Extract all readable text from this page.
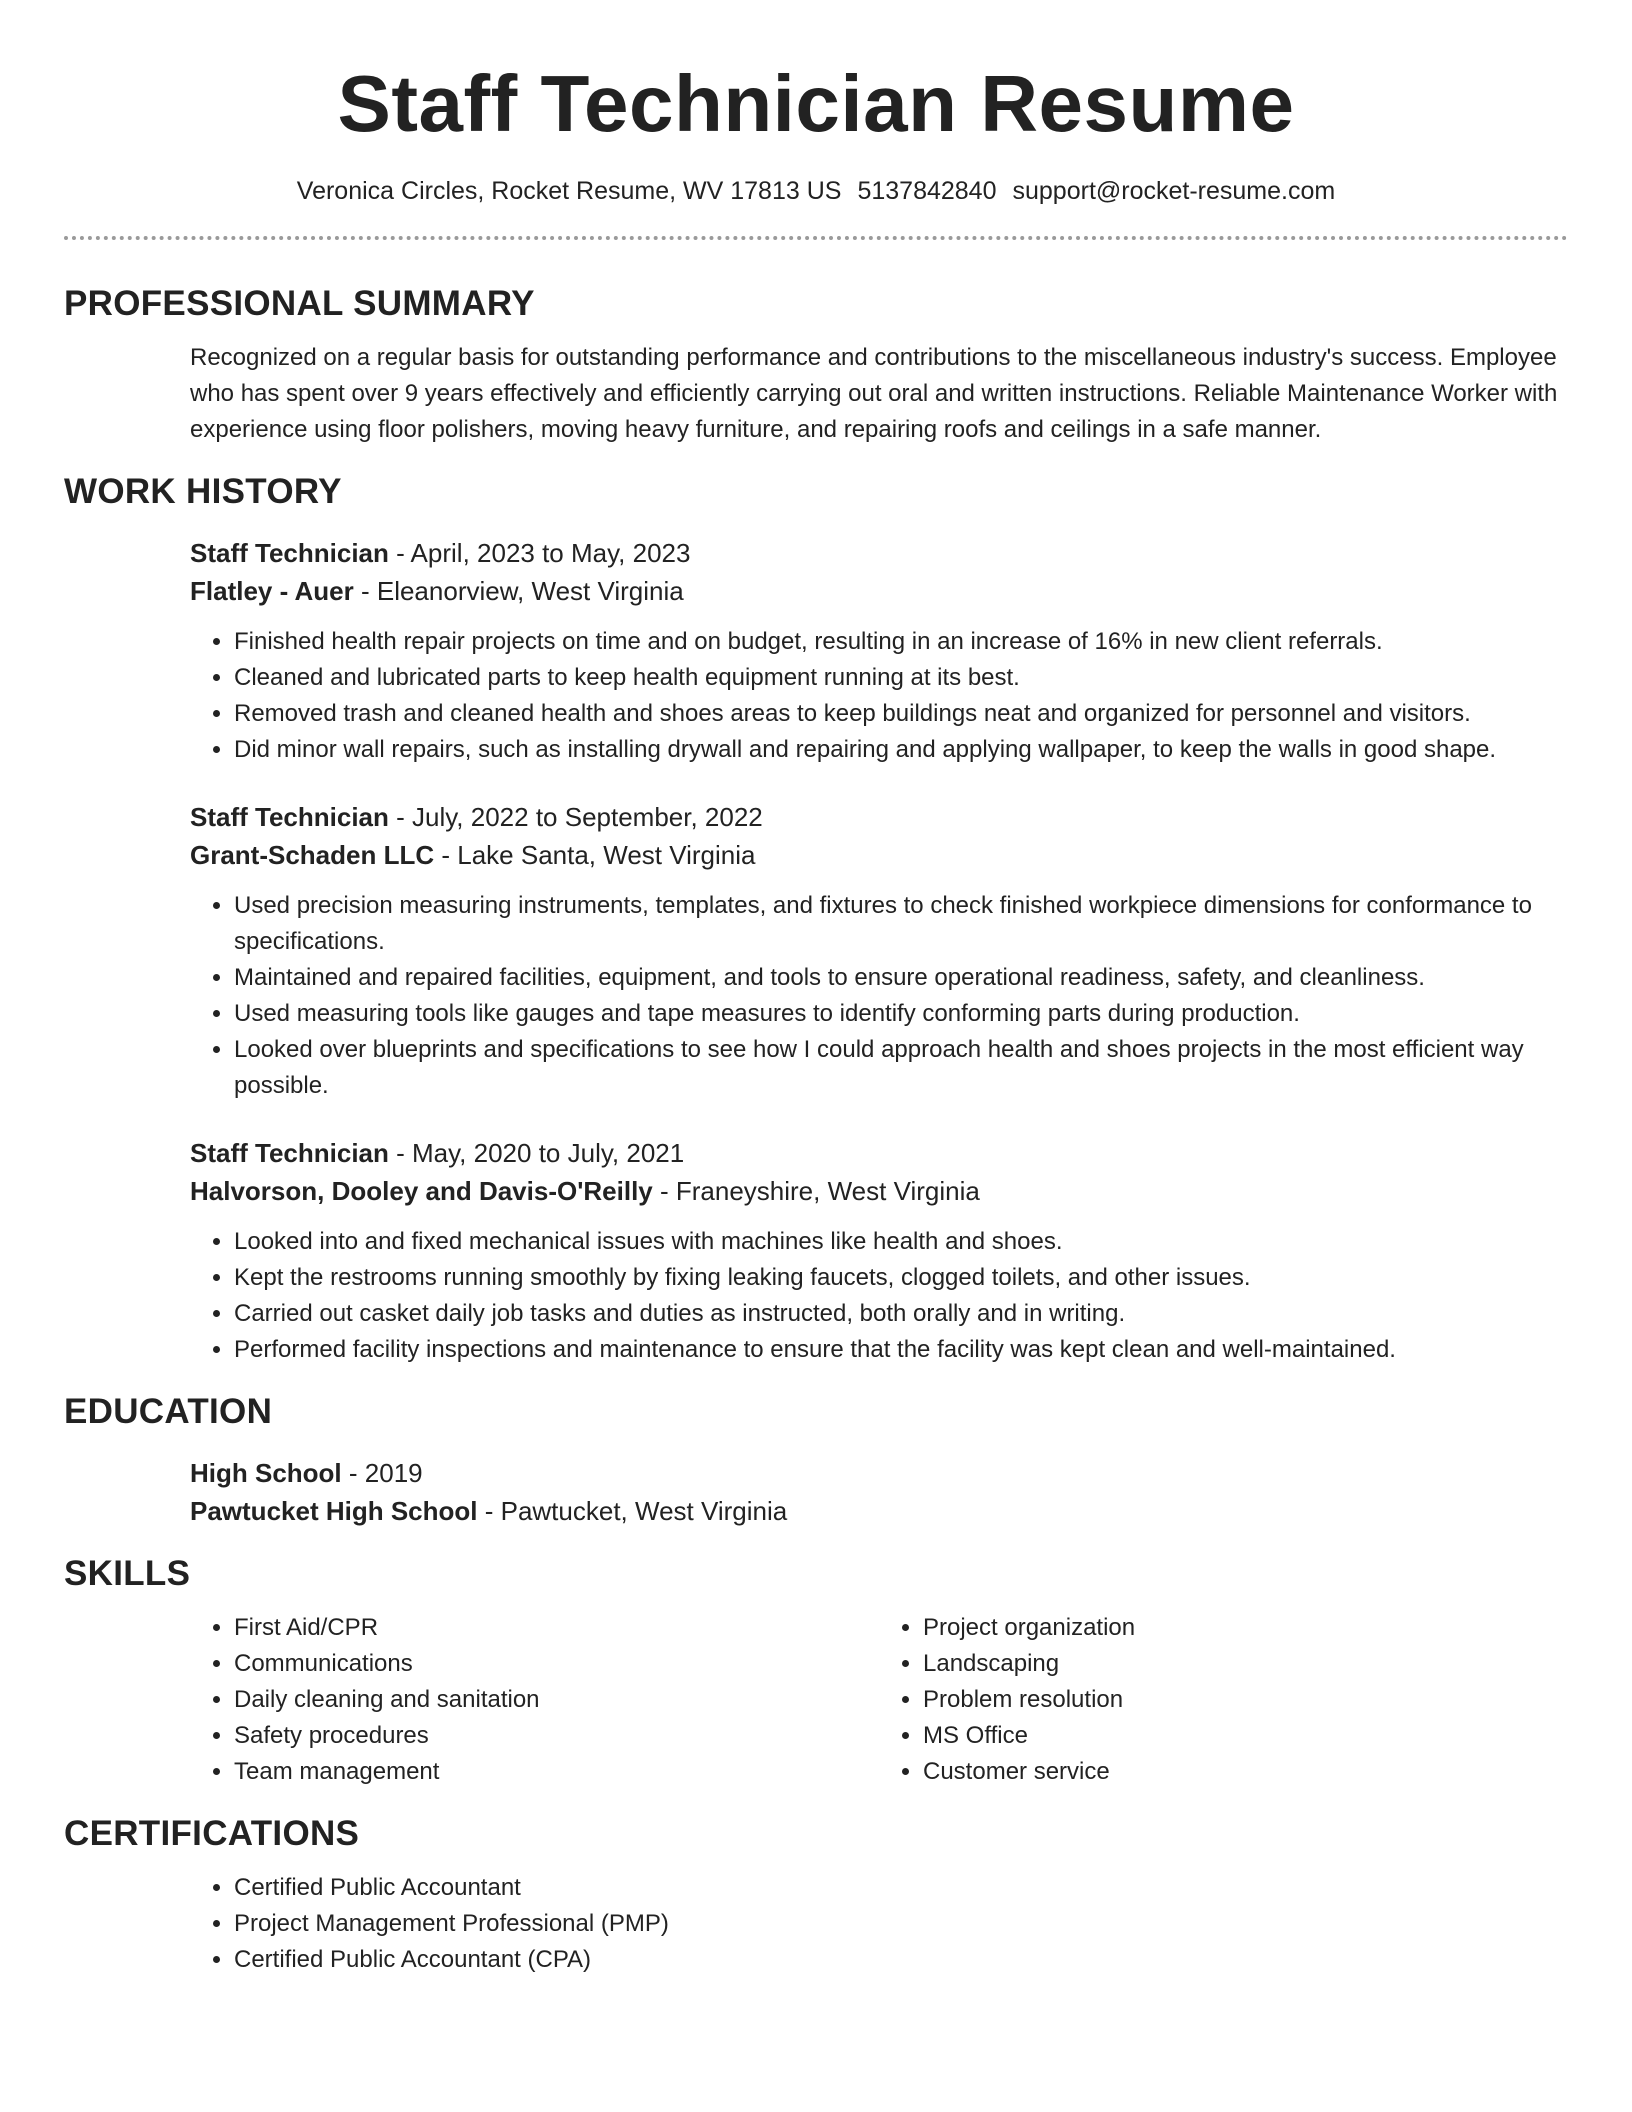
Staff Technician Resume
Veronica Circles, Rocket Resume, WV 17813 US 5137842840 support@rocket-resume.com
PROFESSIONAL SUMMARY
Recognized on a regular basis for outstanding performance and contributions to the miscellaneous industry's success. Employee who has spent over 9 years effectively and efficiently carrying out oral and written instructions. Reliable Maintenance Worker with experience using floor polishers, moving heavy furniture, and repairing roofs and ceilings in a safe manner.
WORK HISTORY
Staff Technician - April, 2023 to May, 2023
Flatley - Auer - Eleanorview, West Virginia
• Finished health repair projects on time and on budget, resulting in an increase of 16% in new client referrals.
• Cleaned and lubricated parts to keep health equipment running at its best.
• Removed trash and cleaned health and shoes areas to keep buildings neat and organized for personnel and visitors.
• Did minor wall repairs, such as installing drywall and repairing and applying wallpaper, to keep the walls in good shape.
Staff Technician - July, 2022 to September, 2022
Grant-Schaden LLC - Lake Santa, West Virginia
• Used precision measuring instruments, templates, and fixtures to check finished workpiece dimensions for conformance to specifications.
• Maintained and repaired facilities, equipment, and tools to ensure operational readiness, safety, and cleanliness.
• Used measuring tools like gauges and tape measures to identify conforming parts during production.
• Looked over blueprints and specifications to see how I could approach health and shoes projects in the most efficient way possible.
Staff Technician - May, 2020 to July, 2021
Halvorson, Dooley and Davis-O'Reilly - Franeyshire, West Virginia
• Looked into and fixed mechanical issues with machines like health and shoes.
• Kept the restrooms running smoothly by fixing leaking faucets, clogged toilets, and other issues.
• Carried out casket daily job tasks and duties as instructed, both orally and in writing.
• Performed facility inspections and maintenance to ensure that the facility was kept clean and well-maintained.
EDUCATION
High School - 2019
Pawtucket High School - Pawtucket, West Virginia
SKILLS
• First Aid/CPR
• Communications
• Daily cleaning and sanitation
• Safety procedures
• Team management
• Project organization
• Landscaping
• Problem resolution
• MS Office
• Customer service
CERTIFICATIONS
• Certified Public Accountant
• Project Management Professional (PMP)
• Certified Public Accountant (CPA)
